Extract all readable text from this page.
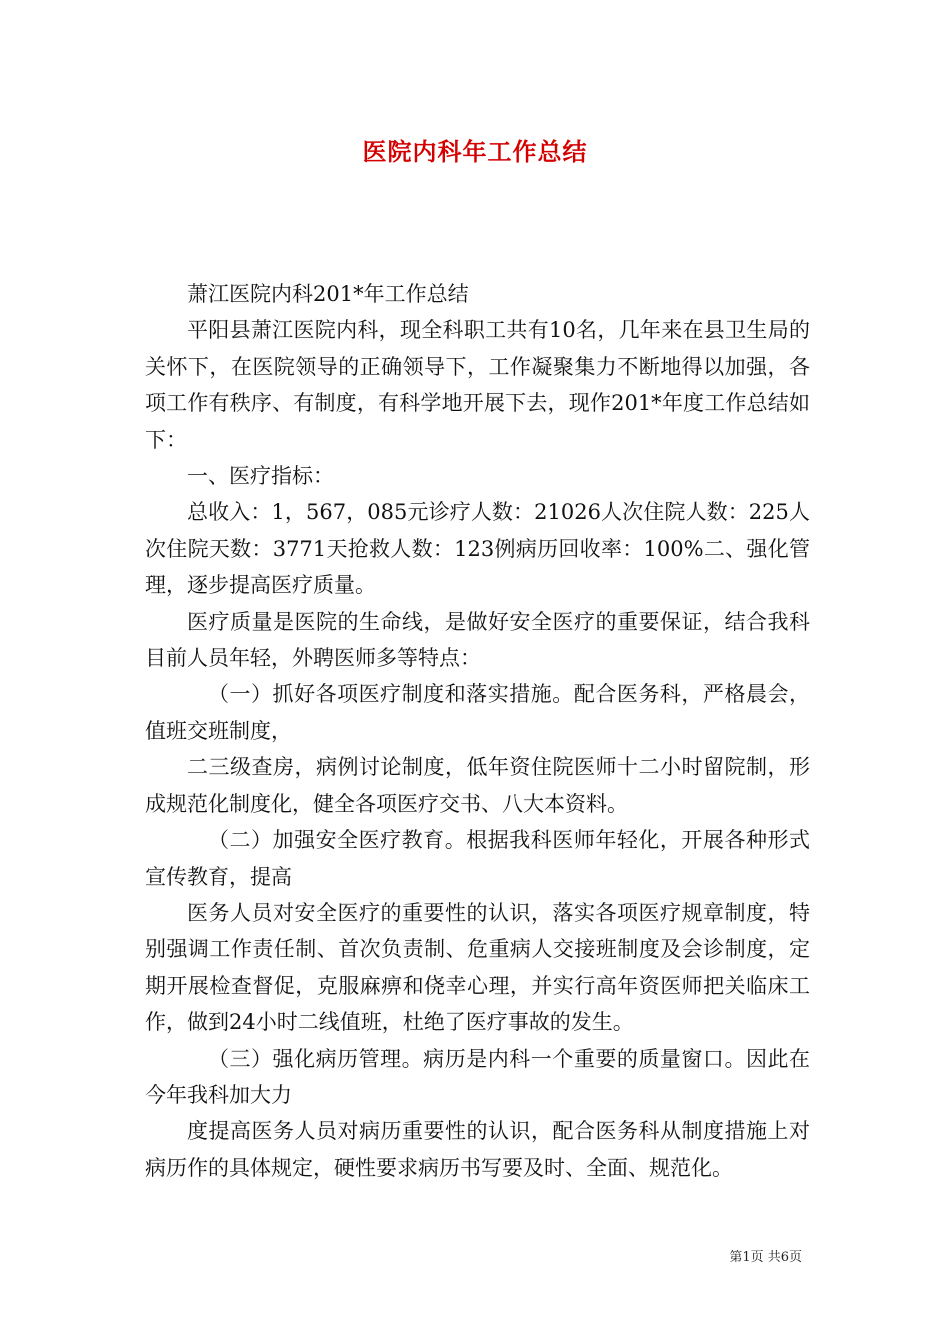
医院内科年工作总结

萧江医院内科201*年工作总结

平阳县萧江医院内科，现全科职工共有10名，几年来在县卫生局的关怀下，在医院领导的正确领导下，工作凝聚集力不断地得以加强，各项工作有秩序、有制度，有科学地开展下去，现作201*年度工作总结如下：

一、医疗指标：

总收入：1，567，085元诊疗人数：21026人次住院人数：225人次住院天数：3771天抢救人数：123例病历回收率：100%二、强化管理，逐步提高医疗质量。

医疗质量是医院的生命线，是做好安全医疗的重要保证，结合我科目前人员年轻，外聘医师多等特点：

（一）抓好各项医疗制度和落实措施。配合医务科，严格晨会，值班交班制度，

二三级查房，病例讨论制度，低年资住院医师十二小时留院制，形成规范化制度化，健全各项医疗交书、八大本资料。

（二）加强安全医疗教育。根据我科医师年轻化，开展各种形式宣传教育，提高

医务人员对安全医疗的重要性的认识，落实各项医疗规章制度，特别强调工作责任制、首次负责制、危重病人交接班制度及会诊制度，定期开展检查督促，克服麻痹和侥幸心理，并实行高年资医师把关临床工作，做到24小时二线值班，杜绝了医疗事故的发生。

（三）强化病历管理。病历是内科一个重要的质量窗口。因此在今年我科加大力

度提高医务人员对病历重要性的认识，配合医务科从制度措施上对病历作的具体规定，硬性要求病历书写要及时、全面、规范化。

第1页 共6页
